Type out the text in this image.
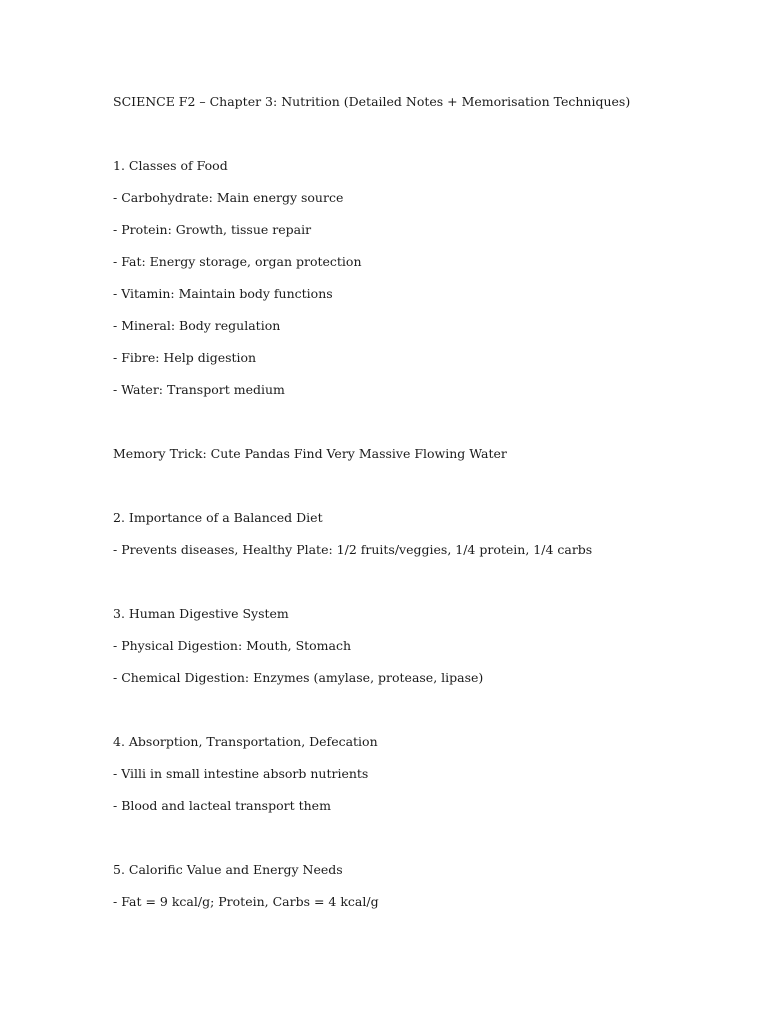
SCIENCE F2 – Chapter 3: Nutrition (Detailed Notes + Memorisation Techniques)
1. Classes of Food
- Carbohydrate: Main energy source
- Protein: Growth, tissue repair
- Fat: Energy storage, organ protection
- Vitamin: Maintain body functions
- Mineral: Body regulation
- Fibre: Help digestion
- Water: Transport medium
Memory Trick: Cute Pandas Find Very Massive Flowing Water
2. Importance of a Balanced Diet
- Prevents diseases, Healthy Plate: 1/2 fruits/veggies, 1/4 protein, 1/4 carbs
3. Human Digestive System
- Physical Digestion: Mouth, Stomach
- Chemical Digestion: Enzymes (amylase, protease, lipase)
4. Absorption, Transportation, Defecation
- Villi in small intestine absorb nutrients
- Blood and lacteal transport them
5. Calorific Value and Energy Needs
- Fat = 9 kcal/g; Protein, Carbs = 4 kcal/g
